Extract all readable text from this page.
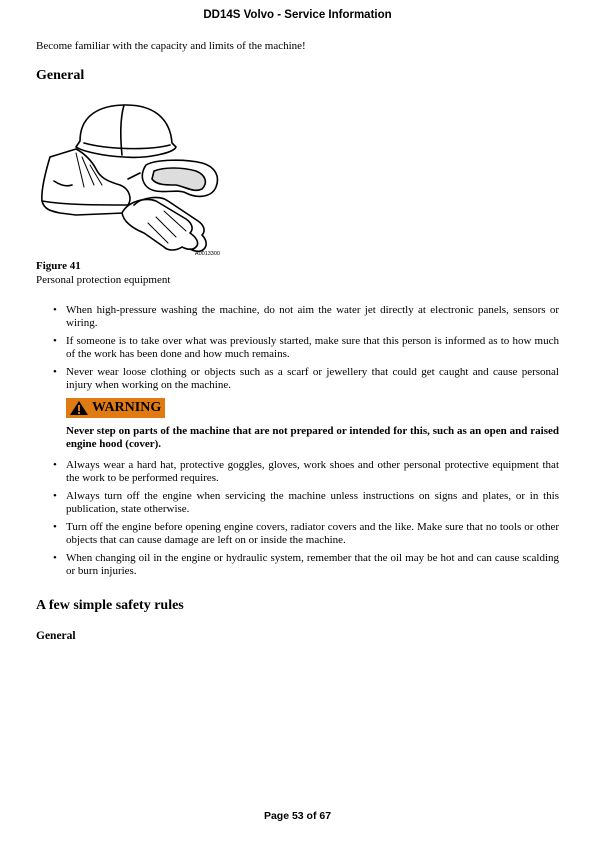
DD14S Volvo - Service Information
Become familiar with the capacity and limits of the machine!
General
A0013300
Figure 41
Personal protection equipment
• When high-pressure washing the machine, do not aim the water jet directly at electronic panels, sensors or wiring.
• If someone is to take over what was previously started, make sure that this person is informed as to how much of the work has been done and how much remains.
• Never wear loose clothing or objects such as a scarf or jewellery that could get caught and cause personal injury when working on the machine.
WARNING
Never step on parts of the machine that are not prepared or intended for this, such as an open and raised engine hood (cover).
• Always wear a hard hat, protective goggles, gloves, work shoes and other personal protective equipment that the work to be performed requires.
• Always turn off the engine when servicing the machine unless instructions on signs and plates, or in this publication, state otherwise.
• Turn off the engine before opening engine covers, radiator covers and the like. Make sure that no tools or other objects that can cause damage are left on or inside the machine.
• When changing oil in the engine or hydraulic system, remember that the oil may be hot and can cause scalding or burn injuries.
A few simple safety rules
General
Page 53 of 67
